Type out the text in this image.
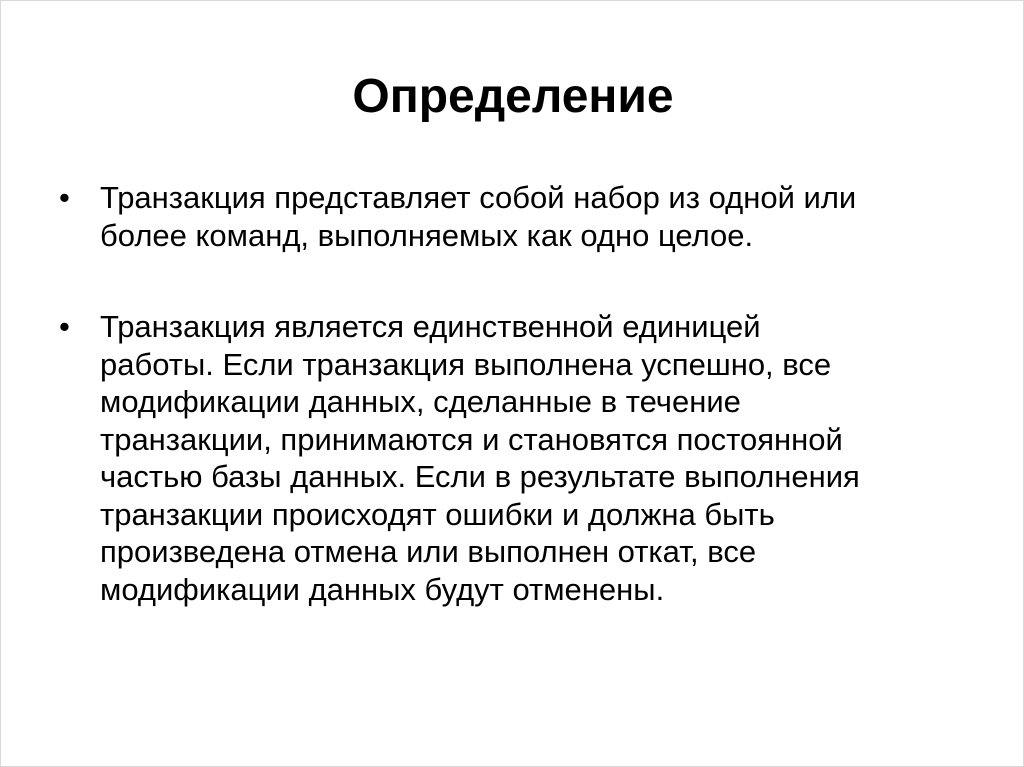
Определение
• Транзакция представляет собой набор из одной или
более команд, выполняемых как одно целое.
• Транзакция является единственной единицей
работы. Если транзакция выполнена успешно, все
модификации данных, сделанные в течение
транзакции, принимаются и становятся постоянной
частью базы данных. Если в результате выполнения
транзакции происходят ошибки и должна быть
произведена отмена или выполнен откат, все
модификации данных будут отменены.
